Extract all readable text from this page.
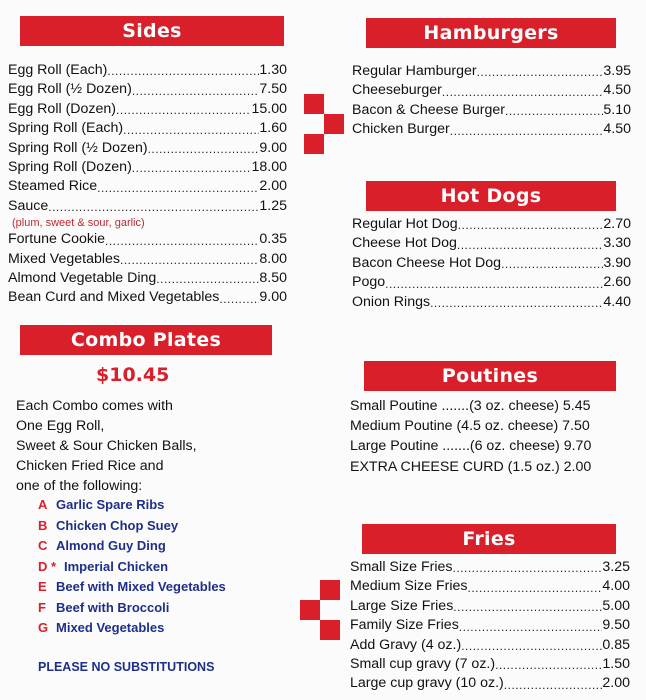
Sides
Egg Roll (Each) .....	1.30
Egg Roll (½ Dozen) .....	7.50
Egg Roll (Dozen) .....	15.00
Spring Roll (Each) .....	1.60
Spring Roll (½ Dozen) .....	9.00
Spring Roll (Dozen) .....	18.00
Steamed Rice .....	2.00
Sauce .....	1.25
(plum, sweet & sour, garlic)
Fortune Cookie .....	0.35
Mixed Vegetables .....	8.00
Almond Vegetable Ding .....	8.50
Bean Curd and Mixed Vegetables .....	9.00
Combo Plates
$10.45
Each Combo comes with
One Egg Roll,
Sweet & Sour Chicken Balls,
Chicken Fried Rice and
one of the following:
A Garlic Spare Ribs
B Chicken Chop Suey
C Almond Guy Ding
D * Imperial Chicken
E Beef with Mixed Vegetables
F Beef with Broccoli
G Mixed Vegetables
PLEASE NO SUBSTITUTIONS
Hamburgers
Regular Hamburger .....	3.95
Cheeseburger .....	4.50
Bacon & Cheese Burger .....	5.10
Chicken Burger .....	4.50
Hot Dogs
Regular Hot Dog .....	2.70
Cheese Hot Dog .....	3.30
Bacon Cheese Hot Dog .....	3.90
Pogo .....	2.60
Onion Rings .....	4.40
Poutines
Small Poutine .......(3 oz. cheese) 5.45
Medium Poutine (4.5 oz. cheese) 7.50
Large Poutine .......(6 oz. cheese) 9.70
EXTRA CHEESE CURD (1.5 oz.) 2.00
Fries
Small Size Fries .....	3.25
Medium Size Fries .....	4.00
Large Size Fries .....	5.00
Family Size Fries .....	9.50
Add Gravy (4 oz.) .....	0.85
Small cup gravy (7 oz.) .....	1.50
Large cup gravy (10 oz.) .....	2.00
